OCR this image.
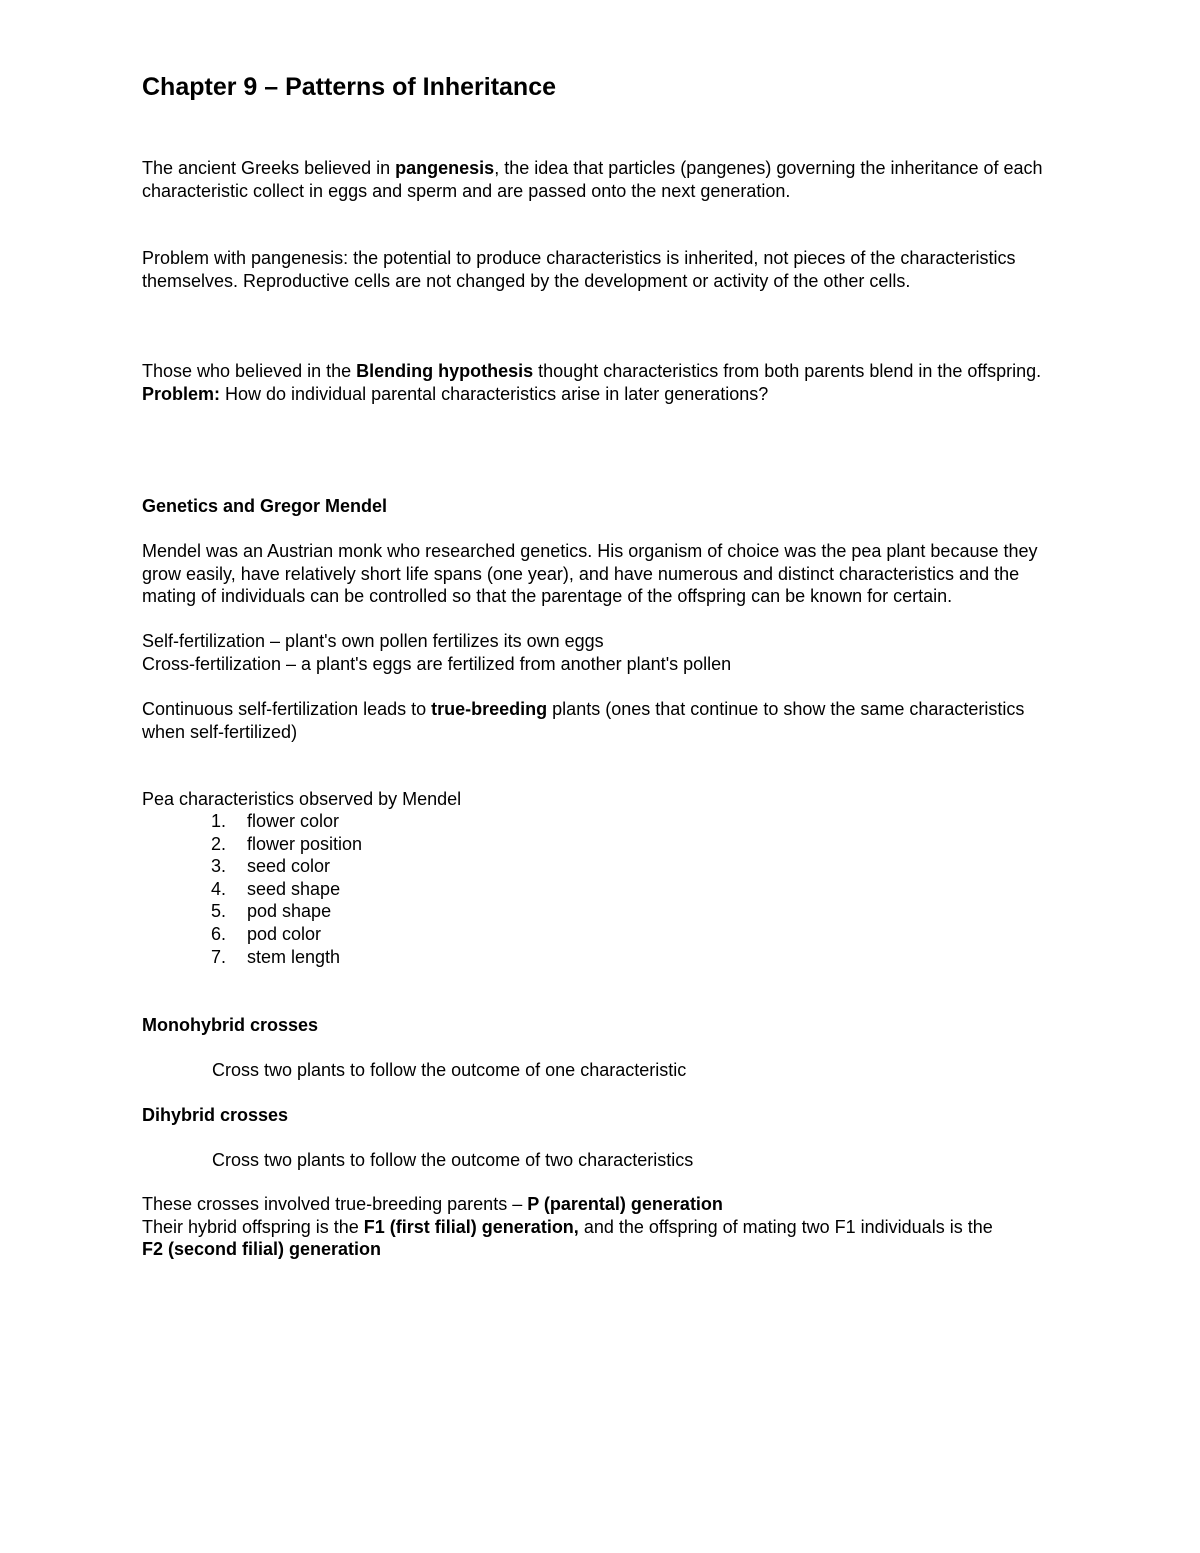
Chapter 9 – Patterns of Inheritance
The ancient Greeks believed in pangenesis, the idea that particles (pangenes) governing the inheritance of each
characteristic collect in eggs and sperm and are passed onto the next generation.
Problem with pangenesis: the potential to produce characteristics is inherited, not pieces of the characteristics
themselves. Reproductive cells are not changed by the development or activity of the other cells.
Those who believed in the Blending hypothesis thought characteristics from both parents blend in the offspring.
Problem: How do individual parental characteristics arise in later generations?
Genetics and Gregor Mendel
Mendel was an Austrian monk who researched genetics. His organism of choice was the pea plant because they
grow easily, have relatively short life spans (one year), and have numerous and distinct characteristics and the
mating of individuals can be controlled so that the parentage of the offspring can be known for certain.
Self-fertilization – plant's own pollen fertilizes its own eggs
Cross-fertilization – a plant's eggs are fertilized from another plant's pollen
Continuous self-fertilization leads to true-breeding plants (ones that continue to show the same characteristics
when self-fertilized)
Pea characteristics observed by Mendel
1. flower color
2. flower position
3. seed color
4. seed shape
5. pod shape
6. pod color
7. stem length
Monohybrid crosses
Cross two plants to follow the outcome of one characteristic
Dihybrid crosses
Cross two plants to follow the outcome of two characteristics
These crosses involved true-breeding parents – P (parental) generation
Their hybrid offspring is the F1 (first filial) generation, and the offspring of mating two F1 individuals is the
F2 (second filial) generation
